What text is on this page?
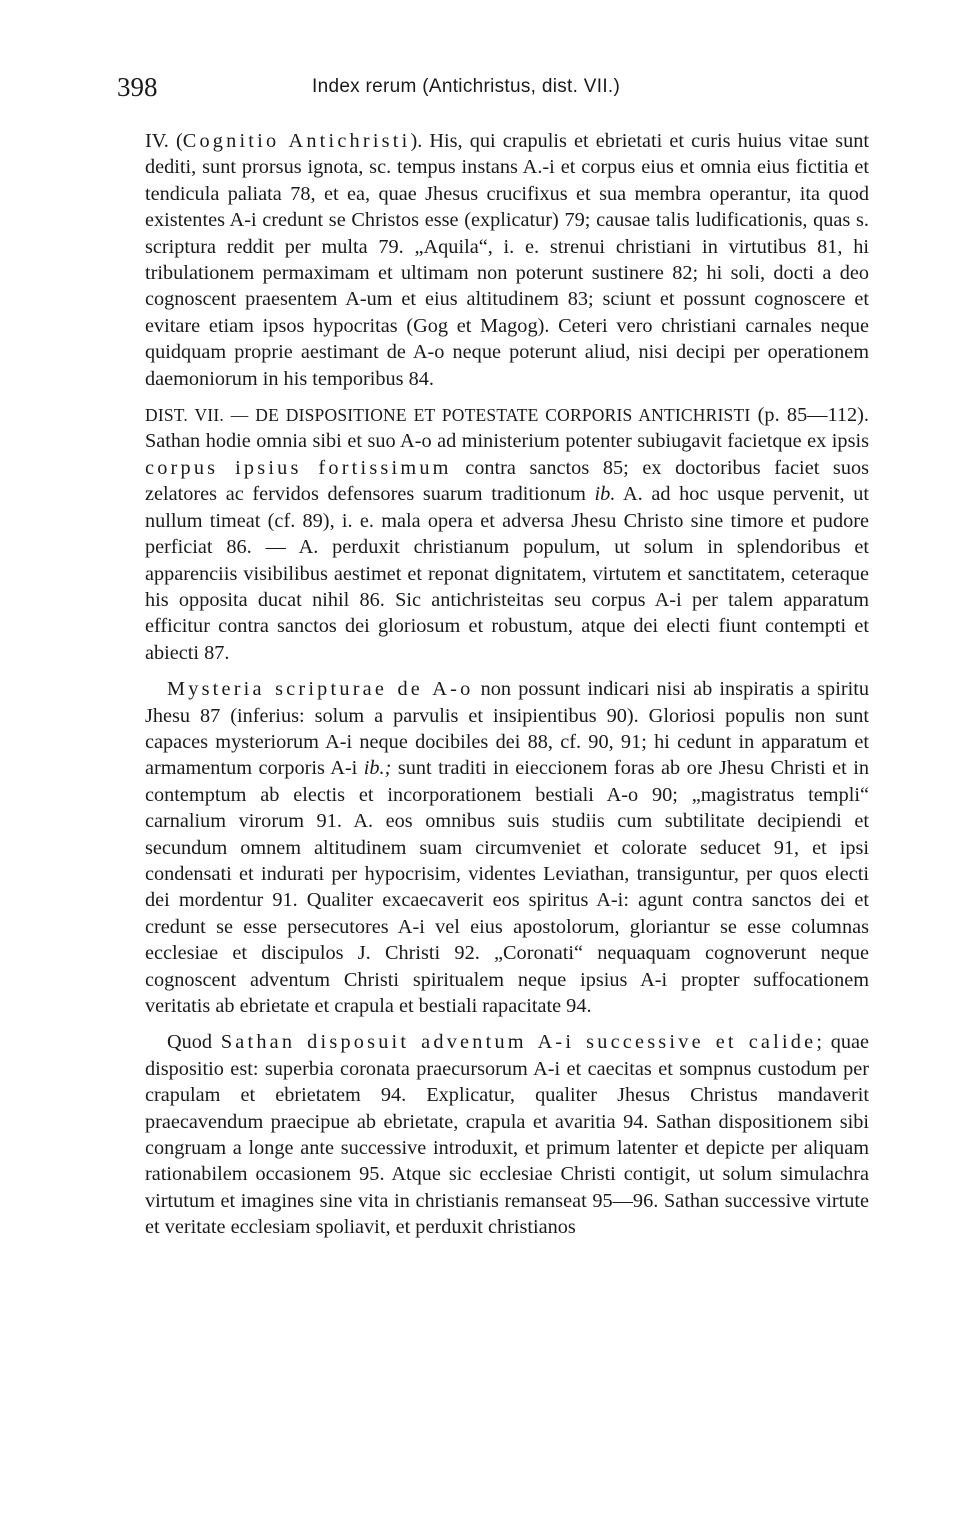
398	Index rerum (Antichristus, dist. VII.)

IV. (Cognitio Antichristi). His, qui crapulis et ebrietati et curis huius vitae sunt dediti, sunt prorsus ignota, sc. tempus instans A.-i et corpus eius et omnia eius fictitia et tendicula paliata 78, et ea, quae Jhesus crucifixus et sua membra operantur, ita quod existentes A-i credunt se Christos esse (explicatur) 79; causae talis ludificationis, quas s. scriptura reddit per multa 79. „Aquila“, i. e. strenui christiani in virtutibus 81, hi tribulationem permaximam et ultimam non poterunt sustinere 82; hi soli, docti a deo cognoscent praesentem A-um et eius altitudinem 83; sciunt et possunt cognoscere et evitare etiam ipsos hypocritas (Gog et Magog). Ceteri vero christiani carnales neque quidquam proprie aestimant de A-o neque poterunt aliud, nisi decipi per operationem daemoniorum in his temporibus 84.

DIST. VII. — DE DISPOSITIONE ET POTESTATE CORPORIS ANTICHRISTI (p. 85—112). Sathan hodie omnia sibi et suo A-o ad ministerium potenter subiugavit facietque ex ipsis corpus ipsius fortissimum contra sanctos 85; ex doctoribus faciet suos zelatores ac fervidos defensores suarum traditionum ib. A. ad hoc usque pervenit, ut nullum timeat (cf. 89), i. e. mala opera et adversa Jhesu Christo sine timore et pudore perficiat 86. — A. perduxit christianum populum, ut solum in splendoribus et apparenciis visibilibus aestimet et reponat dignitatem, virtutem et sanctitatem, ceteraque his opposita ducat nihil 86. Sic antichristeitas seu corpus A-i per talem apparatum efficitur contra sanctos dei gloriosum et robustum, atque dei electi fiunt contempti et abiecti 87.

Mysteria scripturae de A-o non possunt indicari nisi ab inspiratis a spiritu Jhesu 87 (inferius: solum a parvulis et insipientibus 90). Gloriosi populis non sunt capaces mysteriorum A-i neque docibiles dei 88, cf. 90, 91; hi cedunt in apparatum et armamentum corporis A-i ib.; sunt traditi in eieccionem foras ab ore Jhesu Christi et in contemptum ab electis et incorporationem bestiali A-o 90; „magistratus templi“ carnalium virorum 91. A. eos omnibus suis studiis cum subtilitate decipiendi et secundum omnem altitudinem suam circumveniet et colorate seducet 91, et ipsi condensati et indurati per hypocrisim, videntes Leviathan, transiguntur, per quos electi dei mordentur 91. Qualiter excaecaverit eos spiritus A-i: agunt contra sanctos dei et credunt se esse persecutores A-i vel eius apostolorum, gloriantur se esse columnas ecclesiae et discipulos J. Christi 92. „Coronati“ nequaquam cognoverunt neque cognoscent adventum Christi spiritualem neque ipsius A-i propter suffocationem veritatis ab ebrietate et crapula et bestiali rapacitate 94.

Quod Sathan disposuit adventum A-i successive et calide; quae dispositio est: superbia coronata praecursorum A-i et caecitas et sompnus custodum per crapulam et ebrietatem 94. Explicatur, qualiter Jhesus Christus mandaverit praecavendum praecipue ab ebrietate, crapula et avaritia 94. Sathan dispositionem sibi congruam a longe ante successive introduxit, et primum latenter et depicte per aliquam rationabilem occasionem 95. Atque sic ecclesiae Christi contigit, ut solum simulachra virtutum et imagines sine vita in christianis remanseat 95—96. Sathan successive virtute et veritate ecclesiam spoliavit, et perduxit christianos
